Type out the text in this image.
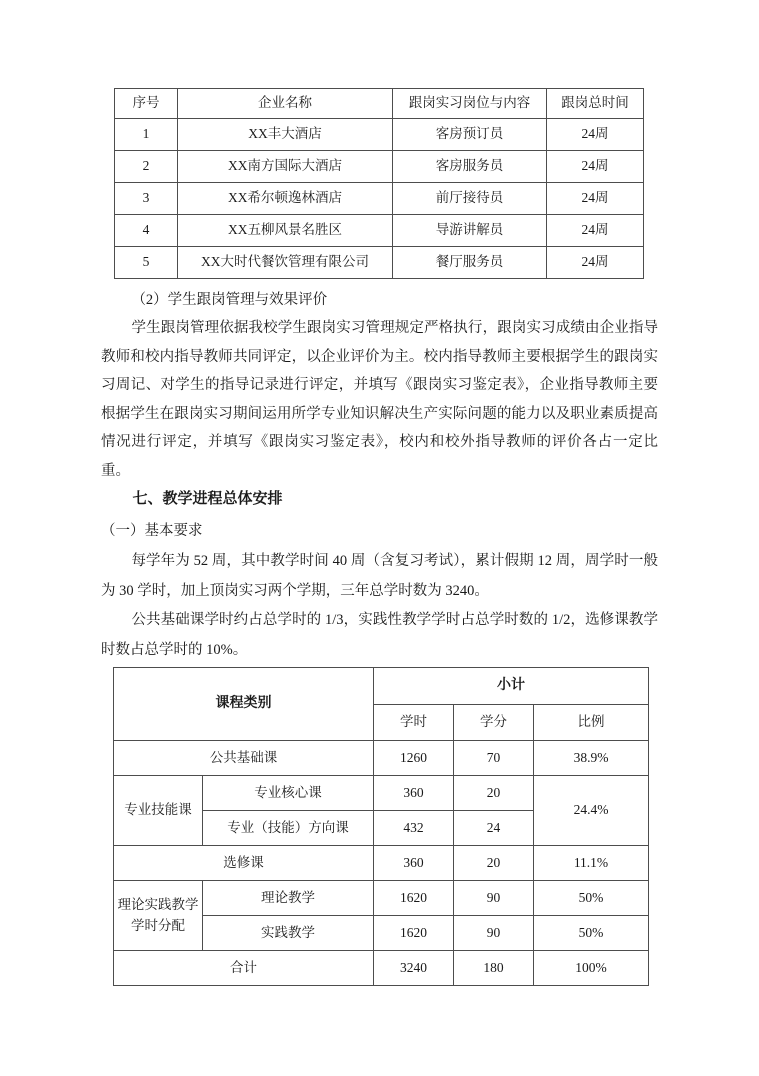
序号	企业名称	跟岗实习岗位与内容	跟岗总时间
1	XX丰大酒店	客房预订员	24周
2	XX南方国际大酒店	客房服务员	24周
3	XX希尔顿逸林酒店	前厅接待员	24周
4	XX五柳风景名胜区	导游讲解员	24周
5	XX大时代餐饮管理有限公司	餐厅服务员	24周
（2）学生跟岗管理与效果评价
学生跟岗管理依据我校学生跟岗实习管理规定严格执行，跟岗实习成绩由企业指导教师和校内指导教师共同评定，以企业评价为主。校内指导教师主要根据学生的跟岗实习周记、对学生的指导记录进行评定，并填写《跟岗实习鉴定表》，企业指导教师主要根据学生在跟岗实习期间运用所学专业知识解决生产实际问题的能力以及职业素质提高情况进行评定，并填写《跟岗实习鉴定表》，校内和校外指导教师的评价各占一定比重。
七、教学进程总体安排
（一）基本要求
每学年为 52 周，其中教学时间 40 周（含复习考试），累计假期 12 周，周学时一般为 30 学时，加上顶岗实习两个学期，三年总学时数为 3240。
公共基础课学时约占总学时的 1/3，实践性教学学时占总学时数的 1/2，选修课教学时数占总学时的 10%。
课程类别		小计		
		学时	学分	比例
公共基础课		1260	70	38.9%
专业技能课	专业核心课	360	20	24.4%
	专业（技能）方向课	432	24	
选修课		360	20	11.1%
理论实践教学学时分配	理论教学	1620	90	50%
	实践教学	1620	90	50%
合计		3240	180	100%
